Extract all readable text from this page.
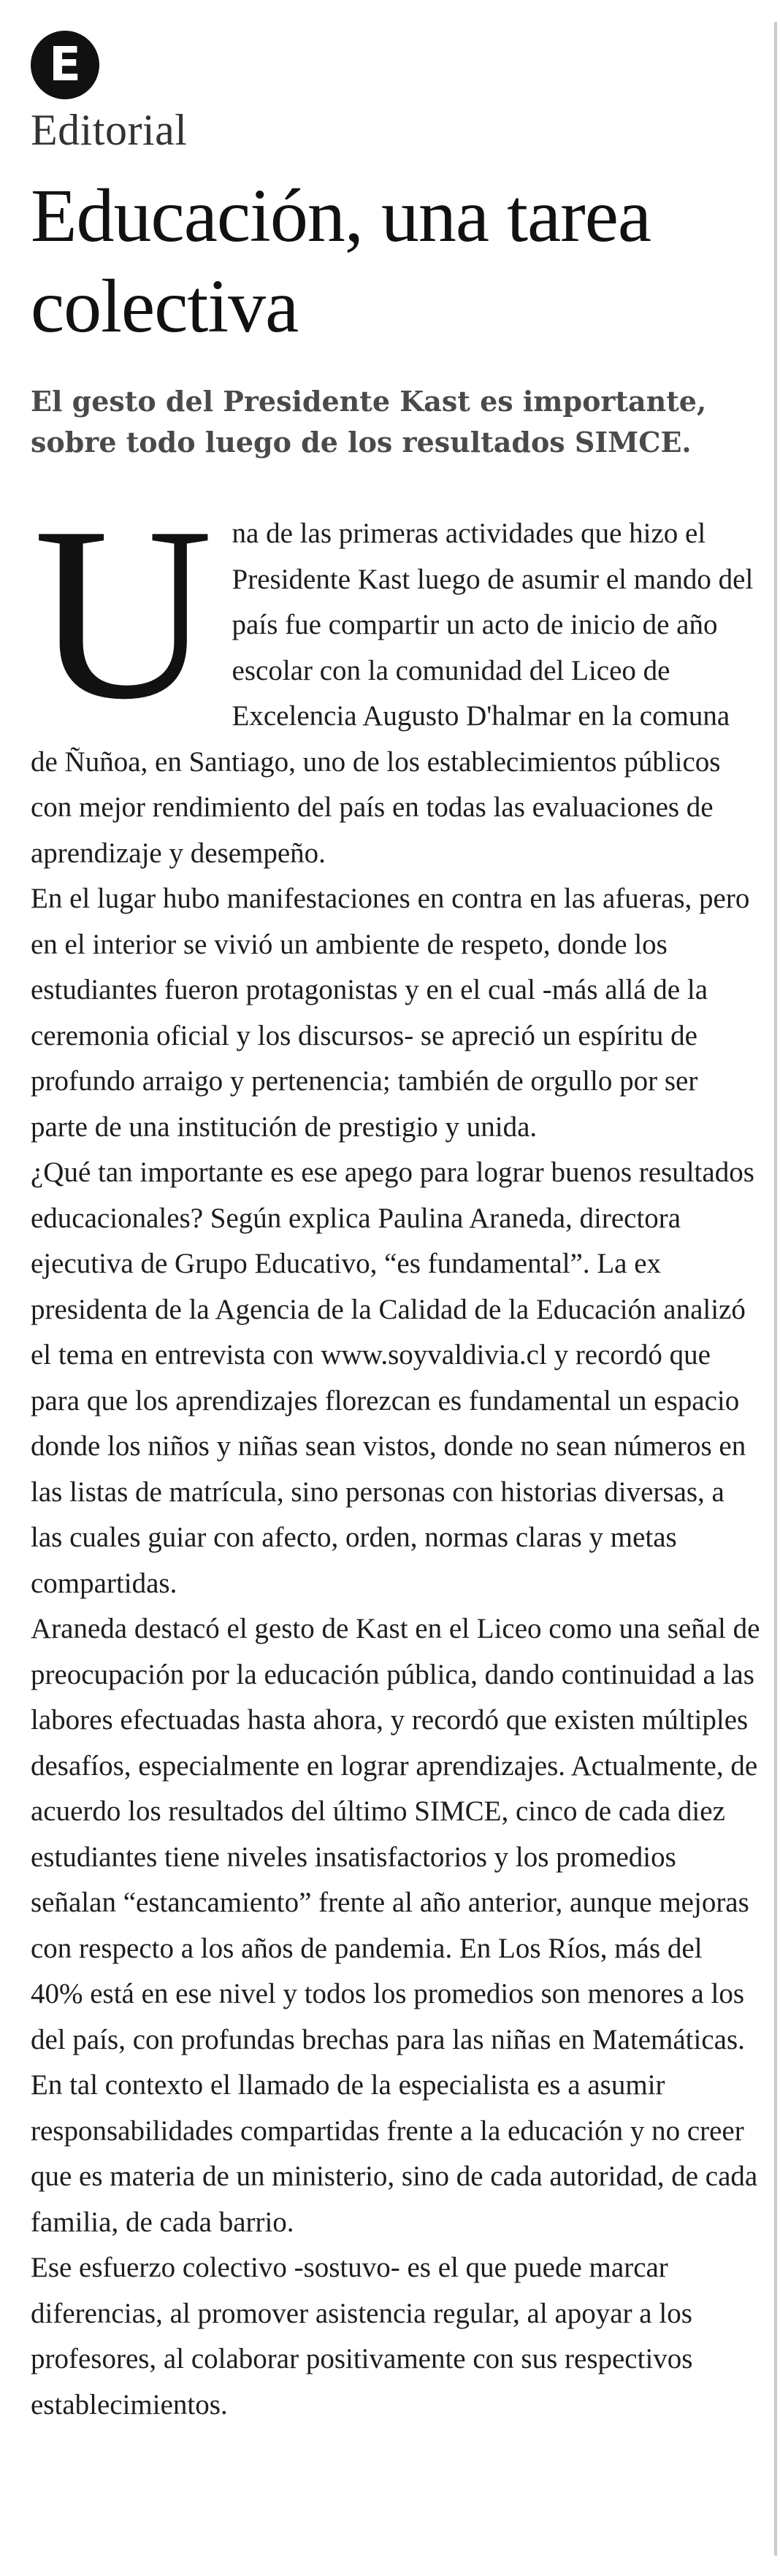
E
Editorial
Educación, una tarea colectiva
El gesto del Presidente Kast es importante, sobre todo luego de los resultados SIMCE.

Una de las primeras actividades que hizo el Presidente Kast luego de asumir el mando del país fue compartir un acto de inicio de año escolar con la comunidad del Liceo de Excelencia Augusto D'halmar en la comuna de Ñuñoa, en Santiago, uno de los establecimientos públicos con mejor rendimiento del país en todas las evaluaciones de aprendizaje y desempeño.

En el lugar hubo manifestaciones en contra en las afueras, pero en el interior se vivió un ambiente de respeto, donde los estudiantes fueron protagonistas y en el cual -más allá de la ceremonia oficial y los discursos- se apreció un espíritu de profundo arraigo y pertenencia; también de orgullo por ser parte de una institución de prestigio y unida.

¿Qué tan importante es ese apego para lograr buenos resultados educacionales? Según explica Paulina Araneda, directora ejecutiva de Grupo Educativo, “es fundamental”. La ex presidenta de la Agencia de la Calidad de la Educación analizó el tema en entrevista con www.soyvaldivia.cl y recordó que para que los aprendizajes florezcan es fundamental un espacio donde los niños y niñas sean vistos, donde no sean números en las listas de matrícula, sino personas con historias diversas, a las cuales guiar con afecto, orden, normas claras y metas compartidas.

Araneda destacó el gesto de Kast en el Liceo como una señal de preocupación por la educación pública, dando continuidad a las labores efectuadas hasta ahora, y recordó que existen múltiples desafíos, especialmente en lograr aprendizajes. Actualmente, de acuerdo los resultados del último SIMCE, cinco de cada diez estudiantes tiene niveles insatisfactorios y los promedios señalan “estancamiento” frente al año anterior, aunque mejoras con respecto a los años de pandemia. En Los Ríos, más del 40% está en ese nivel y todos los promedios son menores a los del país, con profundas brechas para las niñas en Matemáticas.

En tal contexto el llamado de la especialista es a asumir responsabilidades compartidas frente a la educación y no creer que es materia de un ministerio, sino de cada autoridad, de cada familia, de cada barrio.

Ese esfuerzo colectivo -sostuvo- es el que puede marcar diferencias, al promover asistencia regular, al apoyar a los profesores, al colaborar positivamente con sus respectivos establecimientos.
